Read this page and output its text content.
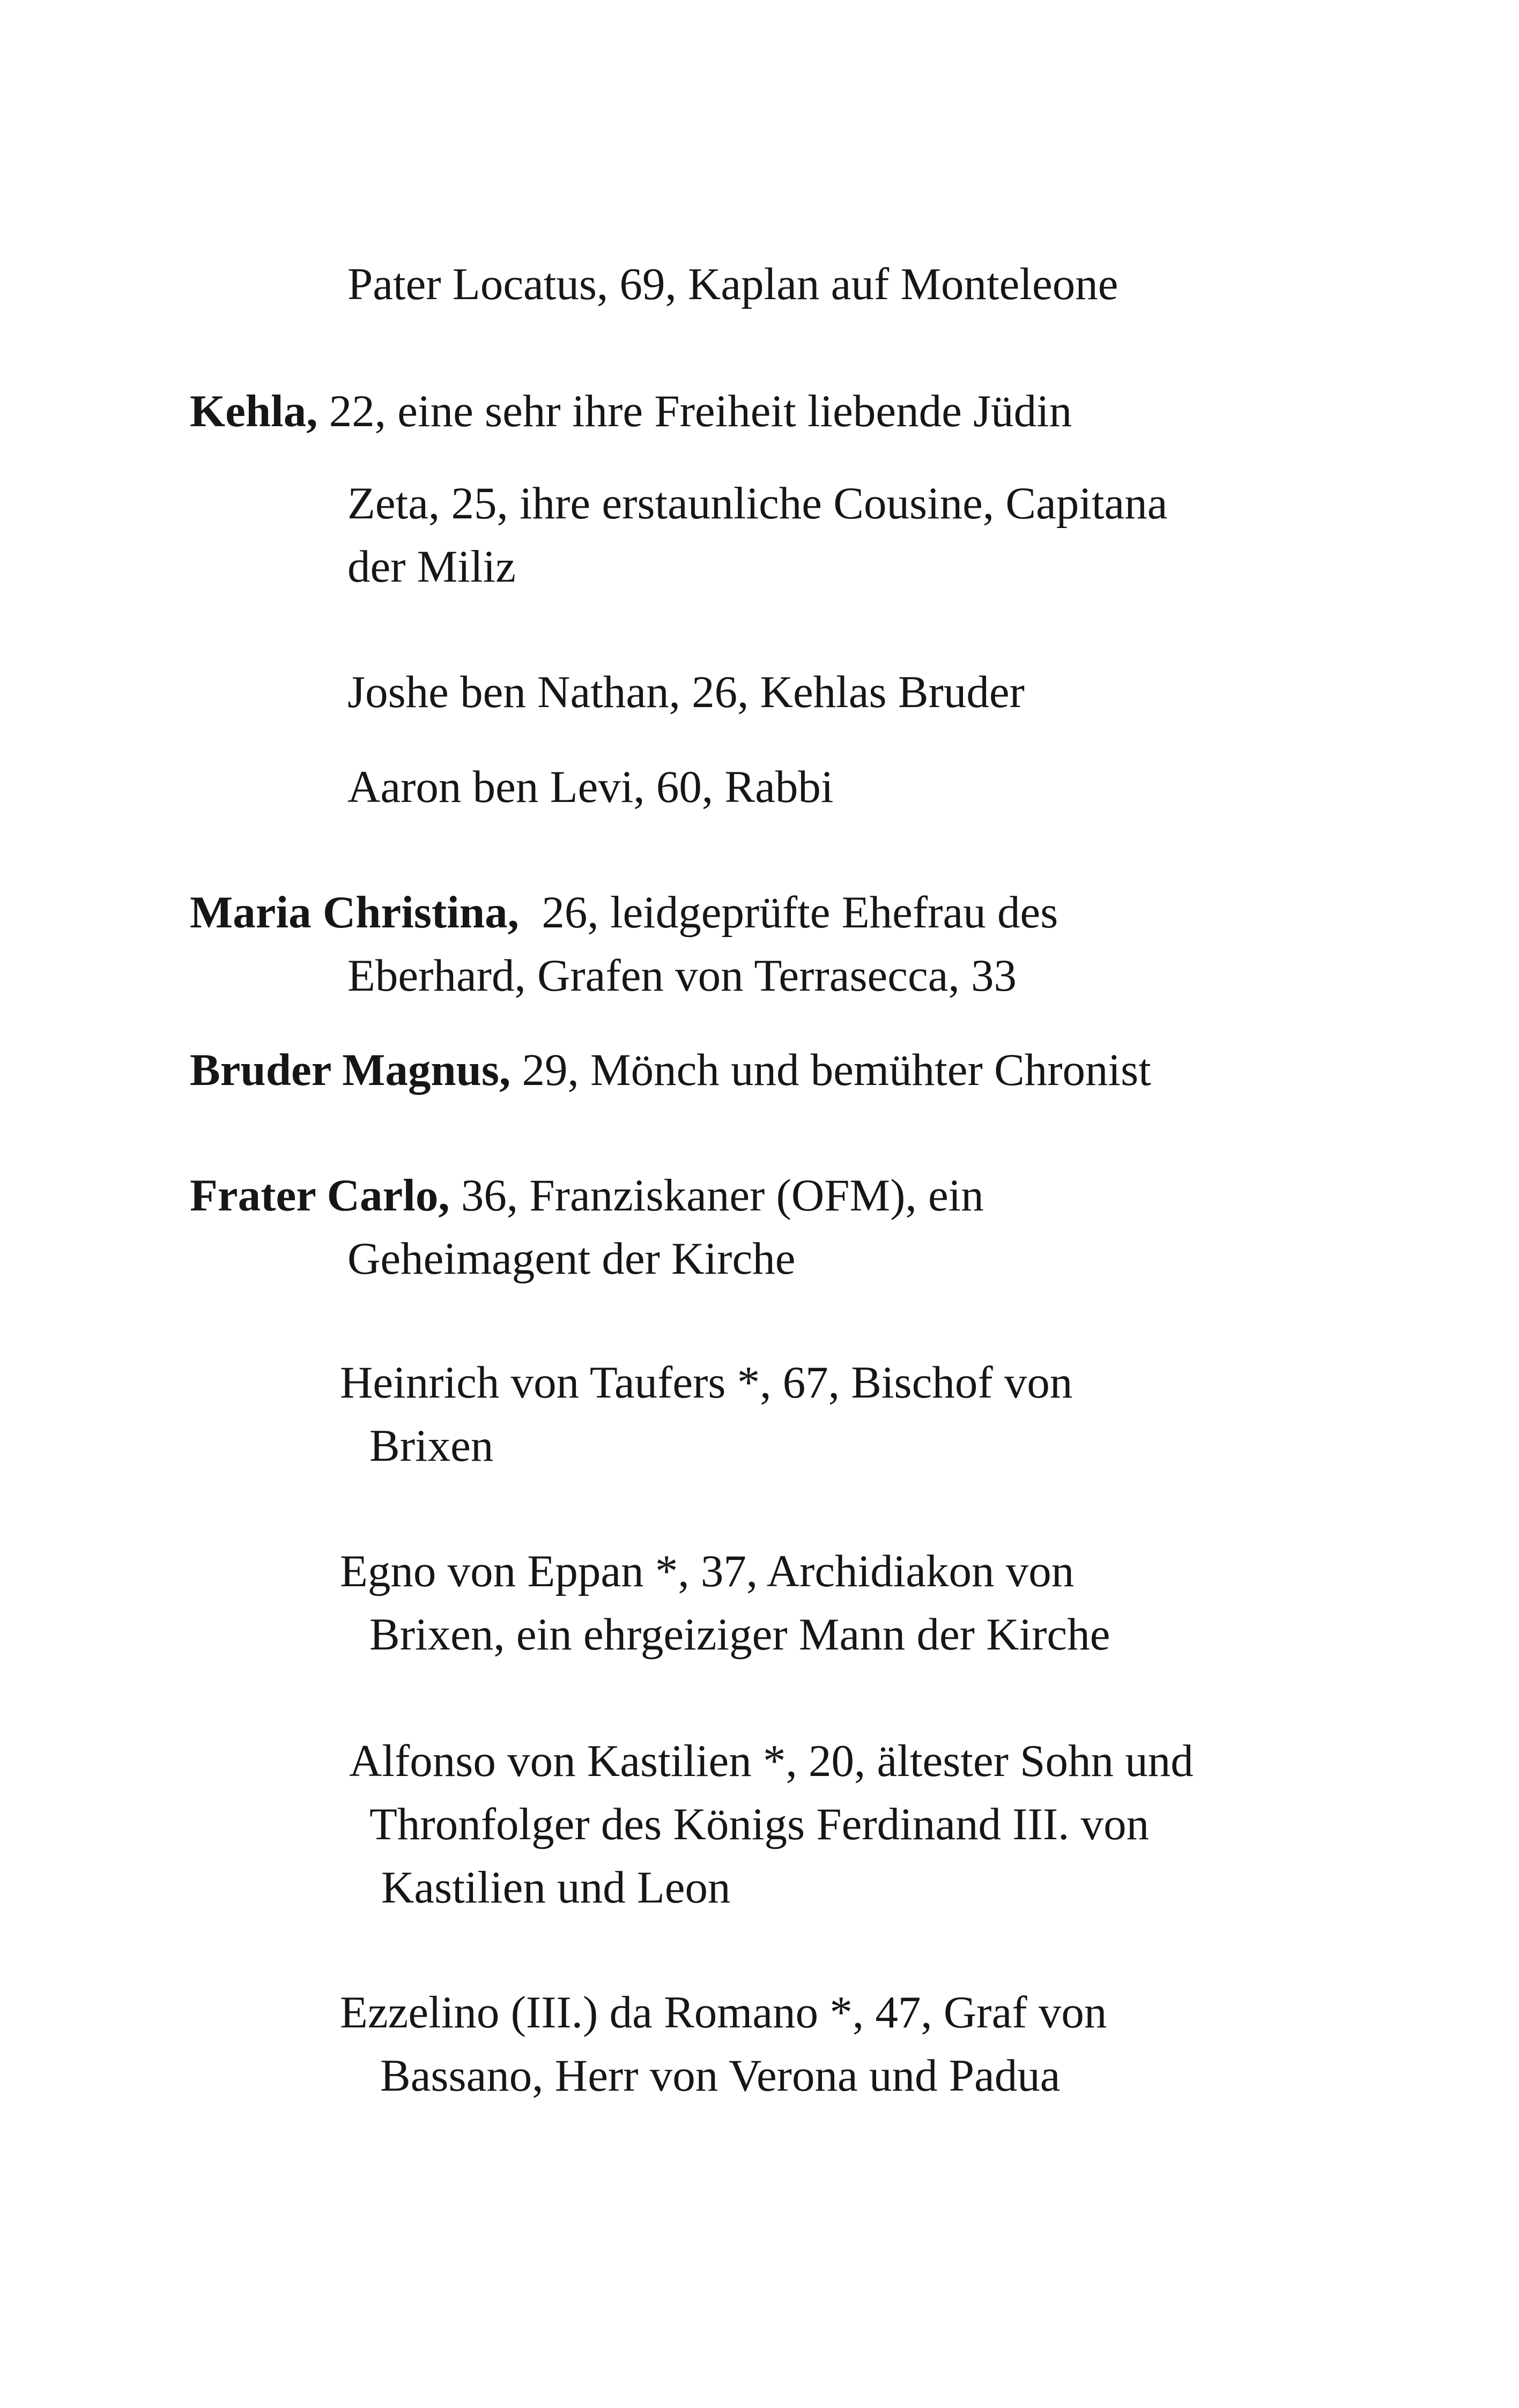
Pater Locatus, 69, Kaplan auf Monteleone

Kehla, 22, eine sehr ihre Freiheit liebende Jüdin

Zeta, 25, ihre erstaunliche Cousine, Capitana
der Miliz

Joshe ben Nathan, 26, Kehlas Bruder

Aaron ben Levi, 60, Rabbi

Maria Christina,  26, leidgeprüfte Ehefrau des
Eberhard, Grafen von Terrasecca, 33

Bruder Magnus, 29, Mönch und bemühter Chronist

Frater Carlo, 36, Franziskaner (OFM), ein
Geheimagent der Kirche

Heinrich von Taufers *, 67, Bischof von
Brixen

Egno von Eppan *, 37, Archidiakon von
Brixen, ein ehrgeiziger Mann der Kirche

Alfonso von Kastilien *, 20, ältester Sohn und
Thronfolger des Königs Ferdinand III. von
Kastilien und Leon

Ezzelino (III.) da Romano *, 47, Graf von
Bassano, Herr von Verona und Padua
